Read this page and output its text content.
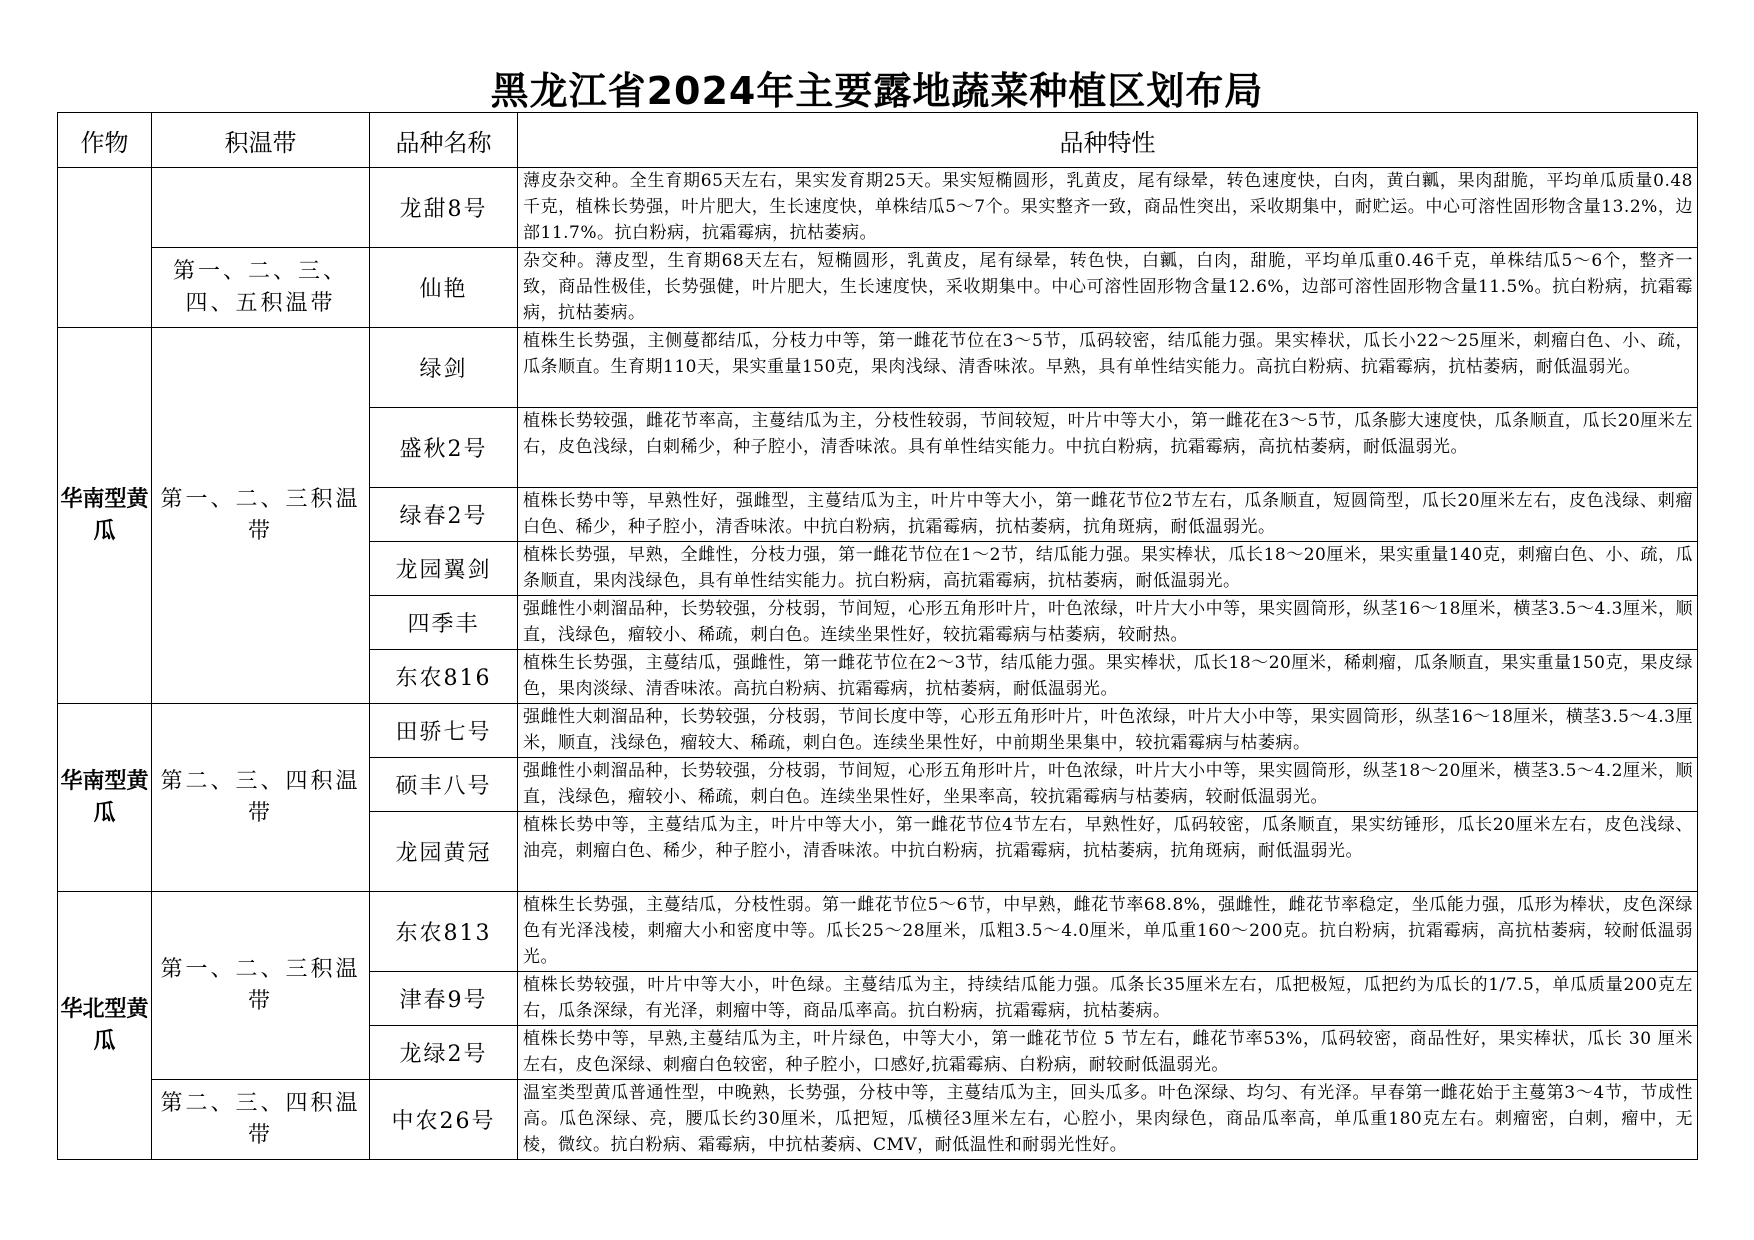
黑龙江省2024年主要露地蔬菜种植区划布局
作物	积温带	品种名称	品种特性

		龙甜8号	薄皮杂交种。全生育期65天左右，果实发育期25天。果实短椭圆形，乳黄皮，尾有绿晕，转色速度快，白肉，黄白瓤，果肉甜脆，平均单瓜质量0.48千克，植株长势强，叶片肥大，生长速度快，单株结瓜5～7个。果实整齐一致，商品性突出，采收期集中，耐贮运。中心可溶性固形物含量13.2%，边部11.7%。抗白粉病，抗霜霉病，抗枯萎病。

	第一、二、三、四、五积温带	仙艳	杂交种。薄皮型，生育期68天左右，短椭圆形，乳黄皮，尾有绿晕，转色快，白瓤，白肉，甜脆，平均单瓜重0.46千克，单株结瓜5～6个，整齐一致，商品性极佳，长势强健，叶片肥大，生长速度快，采收期集中。中心可溶性固形物含量12.6%，边部可溶性固形物含量11.5%。抗白粉病，抗霜霉病，抗枯萎病。

华南型黄瓜	第一、二、三积温带	绿剑	植株生长势强，主侧蔓都结瓜，分枝力中等，第一雌花节位在3～5节，瓜码较密，结瓜能力强。果实棒状，瓜长小22～25厘米，刺瘤白色、小、疏，瓜条顺直。生育期110天，果实重量150克，果肉浅绿、清香味浓。早熟，具有单性结实能力。高抗白粉病、抗霜霉病，抗枯萎病，耐低温弱光。

		盛秋2号	植株长势较强，雌花节率高，主蔓结瓜为主，分枝性较弱，节间较短，叶片中等大小，第一雌花在3～5节，瓜条膨大速度快，瓜条顺直，瓜长20厘米左右，皮色浅绿，白刺稀少，种子腔小，清香味浓。具有单性结实能力。中抗白粉病，抗霜霉病，高抗枯萎病，耐低温弱光。

		绿春2号	植株长势中等，早熟性好，强雌型，主蔓结瓜为主，叶片中等大小，第一雌花节位2节左右，瓜条顺直，短圆筒型，瓜长20厘米左右，皮色浅绿、刺瘤白色、稀少，种子腔小，清香味浓。中抗白粉病，抗霜霉病，抗枯萎病，抗角斑病，耐低温弱光。

		龙园翼剑	植株长势强，早熟，全雌性，分枝力强，第一雌花节位在1～2节，结瓜能力强。果实棒状，瓜长18～20厘米，果实重量140克，刺瘤白色、小、疏，瓜条顺直，果肉浅绿色，具有单性结实能力。抗白粉病，高抗霜霉病，抗枯萎病，耐低温弱光。

		四季丰	强雌性小刺溜品种，长势较强，分枝弱，节间短，心形五角形叶片，叶色浓绿，叶片大小中等，果实圆筒形，纵茎16～18厘米，横茎3.5～4.3厘米，顺直，浅绿色，瘤较小、稀疏，刺白色。连续坐果性好，较抗霜霉病与枯萎病，较耐热。

		东农816	植株生长势强，主蔓结瓜，强雌性，第一雌花节位在2～3节，结瓜能力强。果实棒状，瓜长18～20厘米，稀刺瘤，瓜条顺直，果实重量150克，果皮绿色，果肉淡绿、清香味浓。高抗白粉病、抗霜霉病，抗枯萎病，耐低温弱光。

华南型黄瓜	第二、三、四积温带	田骄七号	强雌性大刺溜品种，长势较强，分枝弱，节间长度中等，心形五角形叶片，叶色浓绿，叶片大小中等，果实圆筒形，纵茎16～18厘米，横茎3.5～4.3厘米，顺直，浅绿色，瘤较大、稀疏，刺白色。连续坐果性好，中前期坐果集中，较抗霜霉病与枯萎病。

		硕丰八号	强雌性小刺溜品种，长势较强，分枝弱，节间短，心形五角形叶片，叶色浓绿，叶片大小中等，果实圆筒形，纵茎18～20厘米，横茎3.5～4.2厘米，顺直，浅绿色，瘤较小、稀疏，刺白色。连续坐果性好，坐果率高，较抗霜霉病与枯萎病，较耐低温弱光。

		龙园黄冠	植株长势中等，主蔓结瓜为主，叶片中等大小，第一雌花节位4节左右，早熟性好，瓜码较密，瓜条顺直，果实纺锤形，瓜长20厘米左右，皮色浅绿、油亮，刺瘤白色、稀少，种子腔小，清香味浓。中抗白粉病，抗霜霉病，抗枯萎病，抗角斑病，耐低温弱光。

华北型黄瓜	第一、二、三积温带	东农813	植株生长势强，主蔓结瓜，分枝性弱。第一雌花节位5～6节，中早熟，雌花节率68.8%，强雌性，雌花节率稳定，坐瓜能力强，瓜形为棒状，皮色深绿色有光泽浅棱，刺瘤大小和密度中等。瓜长25～28厘米，瓜粗3.5～4.0厘米，单瓜重160～200克。抗白粉病，抗霜霉病，高抗枯萎病，较耐低温弱光。

		津春9号	植株长势较强，叶片中等大小，叶色绿。主蔓结瓜为主，持续结瓜能力强。瓜条长35厘米左右，瓜把极短，瓜把约为瓜长的1/7.5，单瓜质量200克左右，瓜条深绿，有光泽，刺瘤中等，商品瓜率高。抗白粉病，抗霜霉病，抗枯萎病。

		龙绿2号	植株长势中等，早熟,主蔓结瓜为主，叶片绿色，中等大小，第一雌花节位 5 节左右，雌花节率53%，瓜码较密，商品性好，果实棒状，瓜长 30 厘米左右，皮色深绿、刺瘤白色较密，种子腔小，口感好,抗霜霉病、白粉病，耐较耐低温弱光。

	第二、三、四积温带	中农26号	温室类型黄瓜普通性型，中晚熟，长势强，分枝中等，主蔓结瓜为主，回头瓜多。叶色深绿、均匀、有光泽。早春第一雌花始于主蔓第3～4节，节成性高。瓜色深绿、亮，腰瓜长约30厘米，瓜把短，瓜横径3厘米左右，心腔小，果肉绿色，商品瓜率高，单瓜重180克左右。刺瘤密，白刺，瘤中，无棱，微纹。抗白粉病、霜霉病，中抗枯萎病、CMV，耐低温性和耐弱光性好。
